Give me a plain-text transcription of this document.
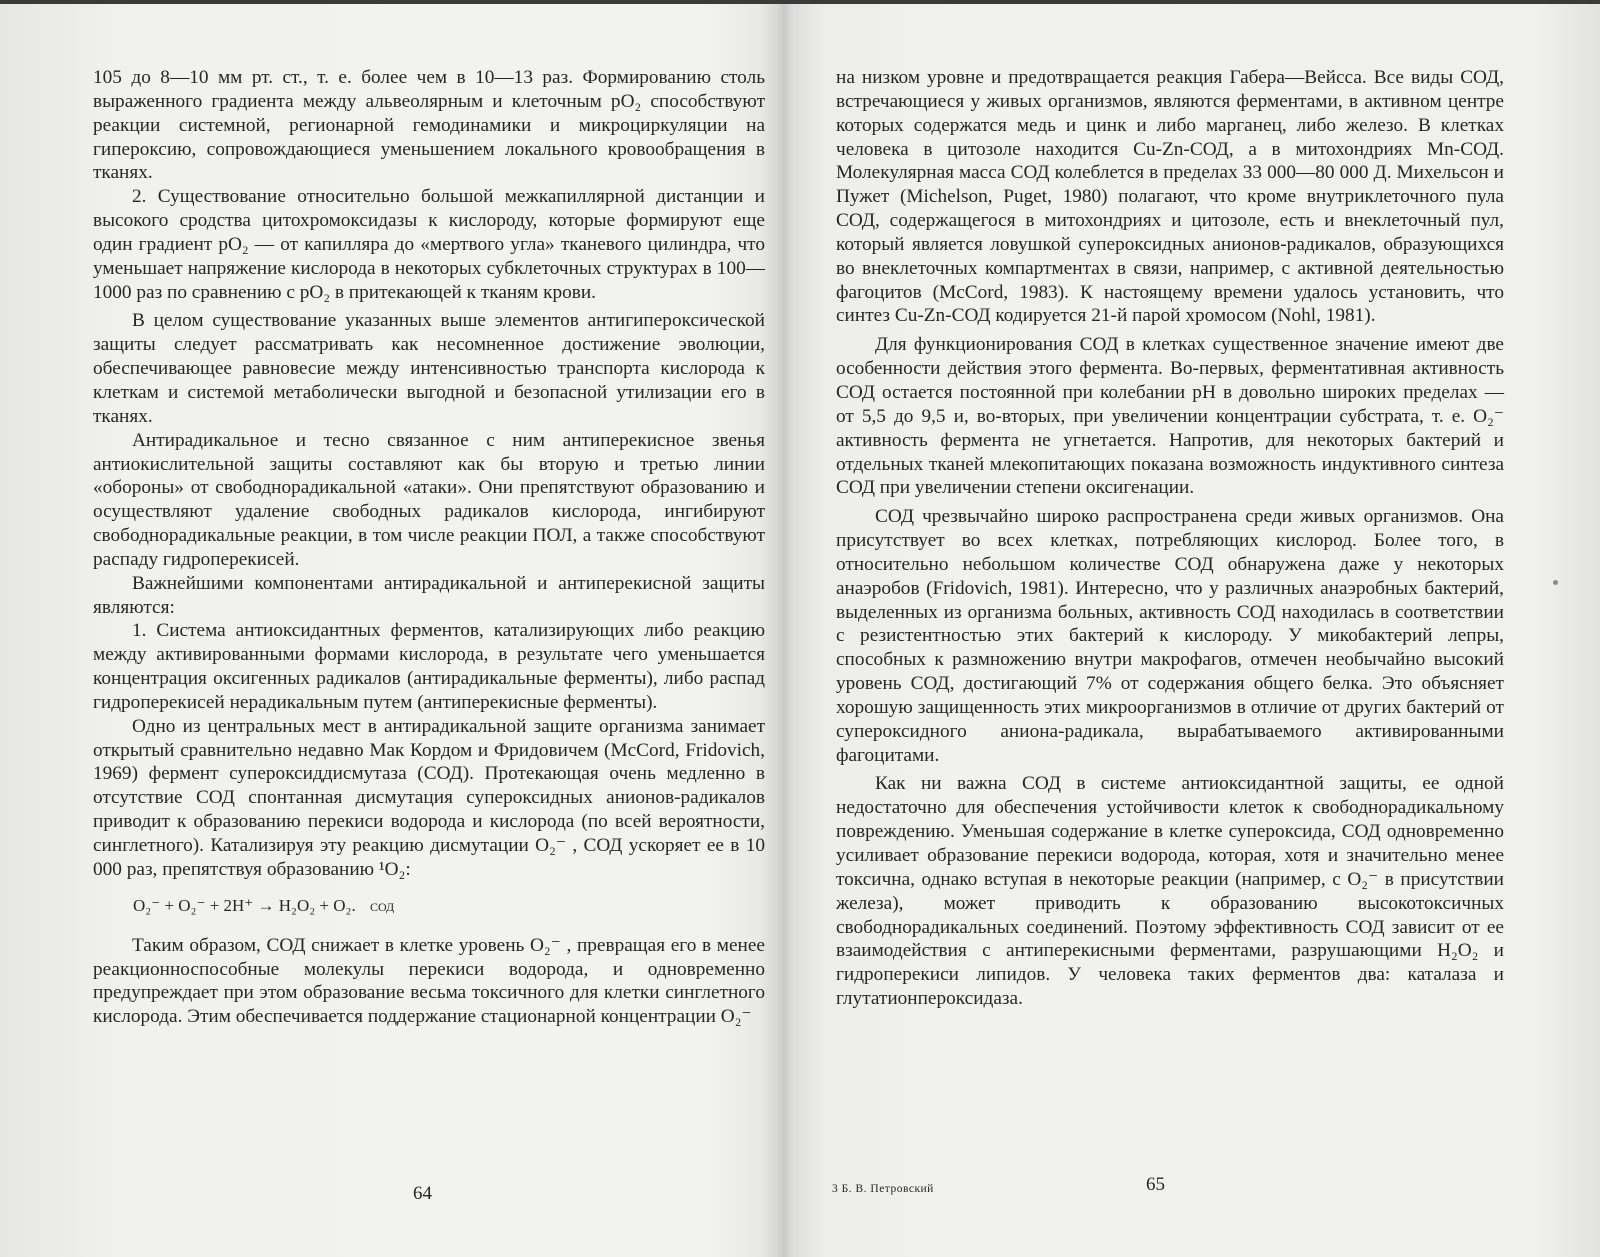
105 до 8—10 мм рт. ст., т. е. более чем в 10—13 раз. Формированию столь выраженного градиента между альвеолярным и клеточным pO₂ способствуют реакции системной, регионарной гемодинамики и микроциркуляции на гипероксию, сопровождающиеся уменьшением локального кровообращения в тканях.

2. Существование относительно большой межкапиллярной дистанции и высокого сродства цитохромоксидазы к кислороду, которые формируют еще один градиент pO₂ — от капилляра до «мертвого угла» тканевого цилиндра, что уменьшает напряжение кислорода в некоторых субклеточных структурах в 100—1000 раз по сравнению с pO₂ в притекающей к тканям крови.

В целом существование указанных выше элементов антигипероксической защиты следует рассматривать как несомненное достижение эволюции, обеспечивающее равновесие между интенсивностью транспорта кислорода к клеткам и системой метаболически выгодной и безопасной утилизации его в тканях.

Антирадикальное и тесно связанное с ним антиперекисное звенья антиокислительной защиты составляют как бы вторую и третью линии «обороны» от свободнорадикальной «атаки». Они препятствуют образованию и осуществляют удаление свободных радикалов кислорода, ингибируют свободнорадикальные реакции, в том числе реакции ПОЛ, а также способствуют распаду гидроперекисей.

Важнейшими компонентами антирадикальной и антиперекисной защиты являются:

1. Система антиоксидантных ферментов, катализирующих либо реакцию между активированными формами кислорода, в результате чего уменьшается концентрация оксигенных радикалов (антирадикальные ферменты), либо распад гидроперекисей нерадикальным путем (антиперекисные ферменты).

Одно из центральных мест в антирадикальной защите организма занимает открытый сравнительно недавно Мак Кордом и Фридовичем (McCord, Fridovich, 1969) фермент супероксиддисмутаза (СОД). Протекающая очень медленно в отсутствие СОД спонтанная дисмутация супероксидных анионов-радикалов приводит к образованию перекиси водорода и кислорода (по всей вероятности, синглетного). Катализируя эту реакцию дисмутации O₂⁻ , СОД ускоряет ее в 10 000 раз, препятствуя образованию ¹O₂:

O₂⁻ + O₂⁻ + 2H⁺ → H₂O₂ + O₂. СОД

Таким образом, СОД снижает в клетке уровень O₂⁻ , превращая его в менее реакционноспособные молекулы перекиси водорода, и одновременно предупреждает при этом образование весьма токсичного для клетки синглетного кислорода. Этим обеспечивается поддержание стационарной концентрации O₂⁻

64

на низком уровне и предотвращается реакция Габера—Вейсса. Все виды СОД, встречающиеся у живых организмов, являются ферментами, в активном центре которых содержатся медь и цинк и либо марганец, либо железо. В клетках человека в цитозоле находится Cu-Zn-СОД, а в митохондриях Mn-СОД. Молекулярная масса СОД колеблется в пределах 33 000—80 000 Д. Михельсон и Пужет (Michelson, Puget, 1980) полагают, что кроме внутриклеточного пула СОД, содержащегося в митохондриях и цитозоле, есть и внеклеточный пул, который является ловушкой супероксидных анионов-радикалов, образующихся во внеклеточных компартментах в связи, например, с активной деятельностью фагоцитов (McCord, 1983). К настоящему времени удалось установить, что синтез Cu-Zn-СОД кодируется 21-й парой хромосом (Nohl, 1981).

Для функционирования СОД в клетках существенное значение имеют две особенности действия этого фермента. Во-первых, ферментативная активность СОД остается постоянной при колебании pH в довольно широких пределах — от 5,5 до 9,5 и, во-вторых, при увеличении концентрации субстрата, т. е. O₂⁻ активность фермента не угнетается. Напротив, для некоторых бактерий и отдельных тканей млекопитающих показана возможность индуктивного синтеза СОД при увеличении степени оксигенации.

СОД чрезвычайно широко распространена среди живых организмов. Она присутствует во всех клетках, потребляющих кислород. Более того, в относительно небольшом количестве СОД обнаружена даже у некоторых анаэробов (Fridovich, 1981). Интересно, что у различных анаэробных бактерий, выделенных из организма больных, активность СОД находилась в соответствии с резистентностью этих бактерий к кислороду. У микобактерий лепры, способных к размножению внутри макрофагов, отмечен необычайно высокий уровень СОД, достигающий 7% от содержания общего белка. Это объясняет хорошую защищенность этих микроорганизмов в отличие от других бактерий от супероксидного аниона-радикала, вырабатываемого активированными фагоцитами.

Как ни важна СОД в системе антиоксидантной защиты, ее одной недостаточно для обеспечения устойчивости клеток к свободнорадикальному повреждению. Уменьшая содержание в клетке супероксида, СОД одновременно усиливает образование перекиси водорода, которая, хотя и значительно менее токсична, однако вступая в некоторые реакции (например, с O₂⁻ в присутствии железа), может приводить к образованию высокотоксичных свободнорадикальных соединений. Поэтому эффективность СОД зависит от ее взаимодействия с антиперекисными ферментами, разрушающими H₂O₂ и гидроперекиси липидов. У человека таких ферментов два: каталаза и глутатионпероксидаза.

3 Б. В. Петровский	65
